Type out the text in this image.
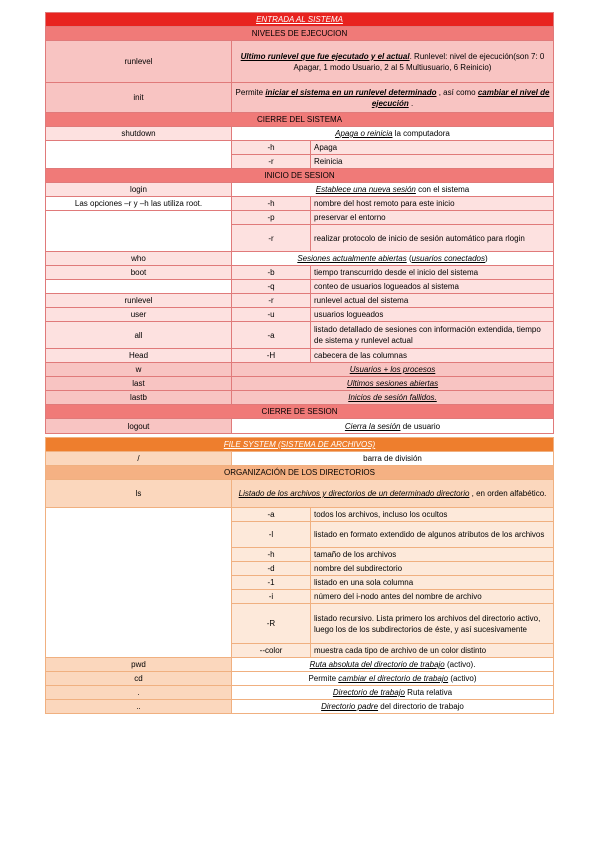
ENTRADA AL SISTEMA		
NIVELES DE EJECUCION		
runlevel	Ultimo runlevel que fue ejecutado y el actual. Runlevel: nivel de ejecución(son 7: 0 Apagar, 1 modo Usuario, 2 al 5 Multiusuario, 6 Reinicio)	
init	Permite iniciar el sistema en un runlevel determinado , así como cambiar el nivel de ejecución .	
CIERRE DEL SISTEMA		
shutdown	Apaga o reinicia la computadora	
	-h	Apaga
	-r	Reinicia
INICIO DE SESION		
login	Establece una nueva sesión con el sistema	
Las opciones –r y –h las utiliza root.	-h	nombre del host remoto para este inicio
	-p	preservar el entorno
	-r	realizar protocolo de inicio de sesión automático para rlogin
who	Sesiones actualmente abiertas (usuarios conectados)	
boot	-b	tiempo transcurrido desde el inicio del sistema
	-q	conteo de usuarios logueados al sistema
runlevel	-r	runlevel actual del sistema
user	-u	usuarios logueados
all	-a	listado detallado de sesiones con información extendida, tiempo de sistema y runlevel actual
Head	-H	cabecera de las columnas
w	Usuarios + los procesos	
last	Ultimos sesiones abiertas	
lastb	Inicios de sesión fallidos.	
CIERRE DE SESION		
logout	Cierra la sesión de usuario	
FILE SYSTEM (SISTEMA DE ARCHIVOS)		
/	barra de división	
ORGANIZACIÓN DE LOS DIRECTORIOS		
ls	Listado de los archivos y directorios de un determinado directorio , en orden alfabético.	
	-a	todos los archivos, incluso los ocultos
	-l	listado en formato extendido de algunos atributos de los archivos
	-h	tamaño de los archivos
	-d	nombre del subdirectorio
	-1	listado en una sola columna
	-i	número del i-nodo antes del nombre de archivo
	-R	listado recursivo. Lista primero los archivos del directorio activo, luego los de los subdirectorios de éste, y así sucesivamente
	--color	muestra cada tipo de archivo de un color distinto
pwd	Ruta absoluta del directorio de trabajo (activo).	
cd	Permite cambiar el directorio de trabajo (activo)	
.	Directorio de trabajo Ruta relativa	
..	Directorio padre del directorio de trabajo	
